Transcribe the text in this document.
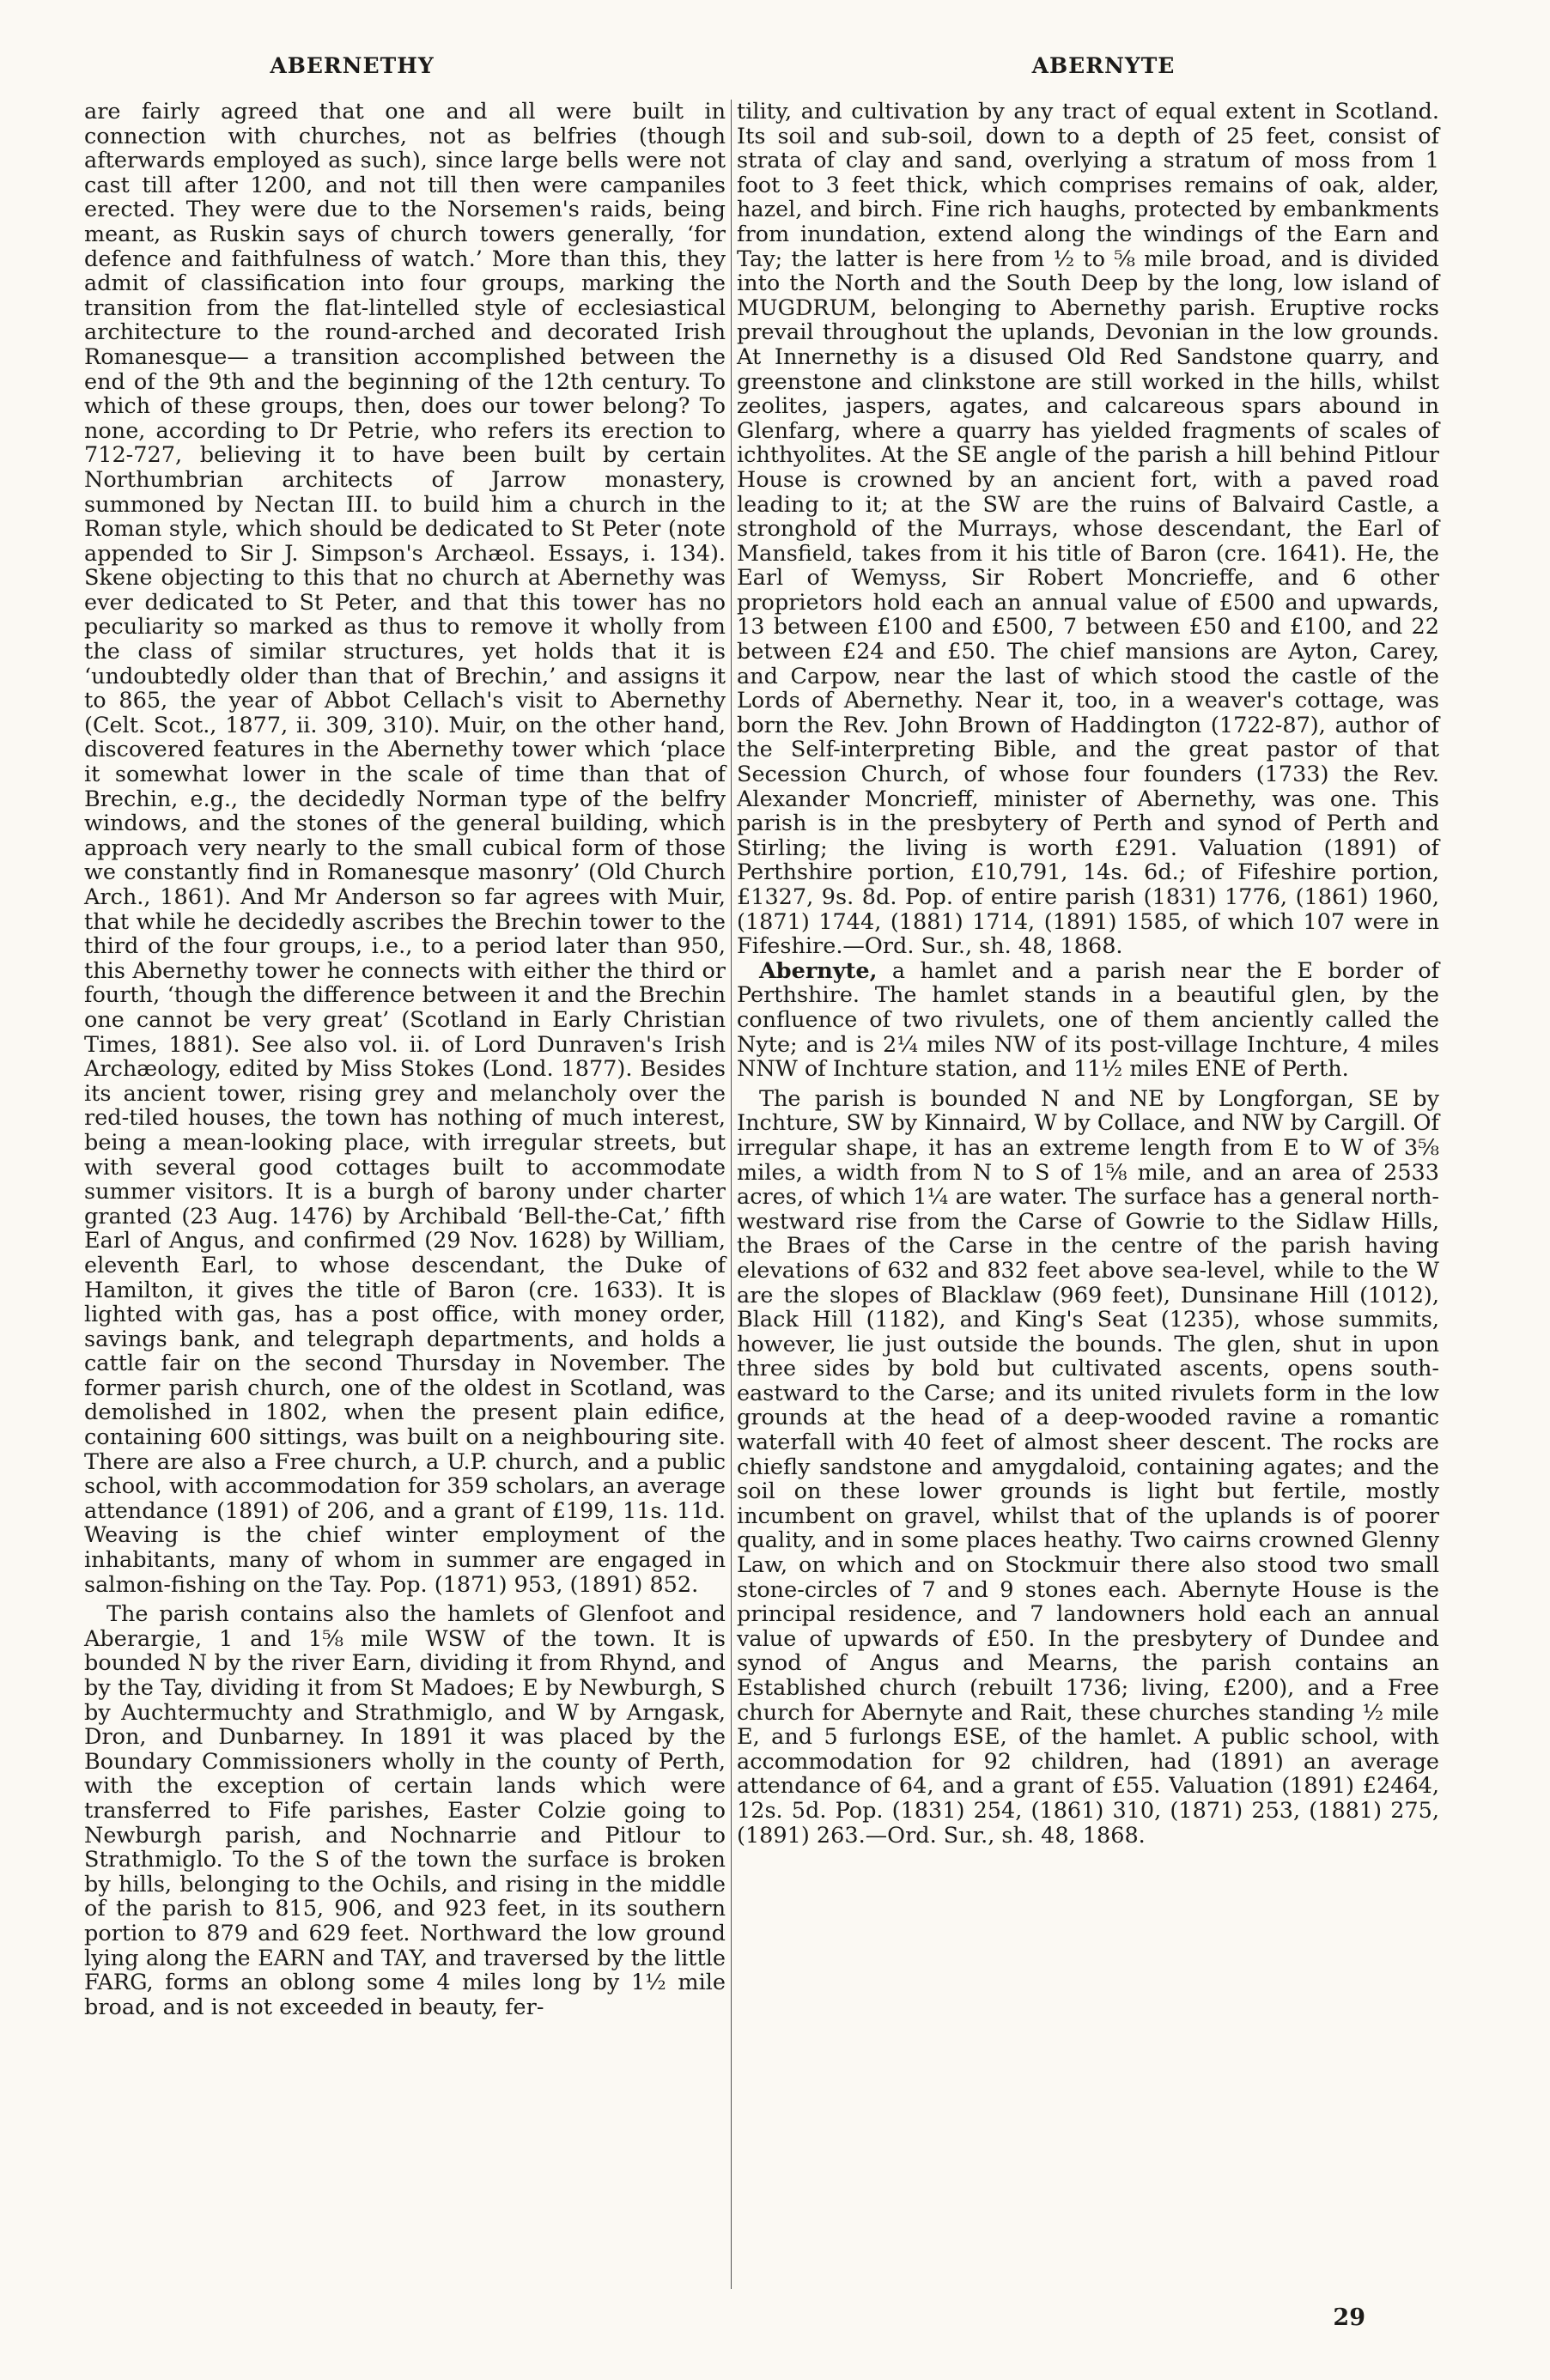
ABERNETHY	ABERNYTE

are fairly agreed that one and all were built in connection with churches, not as belfries (though afterwards employed as such), since large bells were not cast till after 1200, and not till then were campaniles erected. They were due to the Norsemen's raids, being meant, as Ruskin says of church towers generally, ‘for defence and faithfulness of watch.’ More than this, they admit of classification into four groups, marking the transition from the flat-lintelled style of ecclesiastical architecture to the round-arched and decorated Irish Romanesque— a transition accomplished between the end of the 9th and the beginning of the 12th century. To which of these groups, then, does our tower belong? To none, according to Dr Petrie, who refers its erection to 712-727, believing it to have been built by certain Northumbrian architects of Jarrow monastery, summoned by Nectan III. to build him a church in the Roman style, which should be dedicated to St Peter (note appended to Sir J. Simpson's Archæol. Essays, i. 134). Skene objecting to this that no church at Abernethy was ever dedicated to St Peter, and that this tower has no peculiarity so marked as thus to remove it wholly from the class of similar structures, yet holds that it is ‘undoubtedly older than that of Brechin,’ and assigns it to 865, the year of Abbot Cellach's visit to Abernethy (Celt. Scot., 1877, ii. 309, 310). Muir, on the other hand, discovered features in the Abernethy tower which ‘place it somewhat lower in the scale of time than that of Brechin, e.g., the decidedly Norman type of the belfry windows, and the stones of the general building, which approach very nearly to the small cubical form of those we constantly find in Romanesque masonry’ (Old Church Arch., 1861). And Mr Anderson so far agrees with Muir, that while he decidedly ascribes the Brechin tower to the third of the four groups, i.e., to a period later than 950, this Abernethy tower he connects with either the third or fourth, ‘though the difference between it and the Brechin one cannot be very great’ (Scotland in Early Christian Times, 1881). See also vol. ii. of Lord Dunraven's Irish Archæology, edited by Miss Stokes (Lond. 1877). Besides its ancient tower, rising grey and melancholy over the red-tiled houses, the town has nothing of much interest, being a mean-looking place, with irregular streets, but with several good cottages built to accommodate summer visitors. It is a burgh of barony under charter granted (23 Aug. 1476) by Archibald ‘Bell-the-Cat,’ fifth Earl of Angus, and confirmed (29 Nov. 1628) by William, eleventh Earl, to whose descendant, the Duke of Hamilton, it gives the title of Baron (cre. 1633). It is lighted with gas, has a post office, with money order, savings bank, and telegraph departments, and holds a cattle fair on the second Thursday in November. The former parish church, one of the oldest in Scotland, was demolished in 1802, when the present plain edifice, containing 600 sittings, was built on a neighbouring site. There are also a Free church, a U.P. church, and a public school, with accommodation for 359 scholars, an average attendance (1891) of 206, and a grant of £199, 11s. 11d. Weaving is the chief winter employment of the inhabitants, many of whom in summer are engaged in salmon-fishing on the Tay. Pop. (1871) 953, (1891) 852.

The parish contains also the hamlets of Glenfoot and Aberargie, 1 and 1⅝ mile WSW of the town. It is bounded N by the river Earn, dividing it from Rhynd, and by the Tay, dividing it from St Madoes; E by Newburgh, S by Auchtermuchty and Strathmiglo, and W by Arngask, Dron, and Dunbarney. In 1891 it was placed by the Boundary Commissioners wholly in the county of Perth, with the exception of certain lands which were transferred to Fife parishes, Easter Colzie going to Newburgh parish, and Nochnarrie and Pitlour to Strathmiglo. To the S of the town the surface is broken by hills, belonging to the Ochils, and rising in the middle of the parish to 815, 906, and 923 feet, in its southern portion to 879 and 629 feet. Northward the low ground lying along the EARN and TAY, and traversed by the little FARG, forms an oblong some 4 miles long by 1½ mile broad, and is not exceeded in beauty, fer-

tility, and cultivation by any tract of equal extent in Scotland. Its soil and sub-soil, down to a depth of 25 feet, consist of strata of clay and sand, overlying a stratum of moss from 1 foot to 3 feet thick, which comprises remains of oak, alder, hazel, and birch. Fine rich haughs, protected by embankments from inundation, extend along the windings of the Earn and Tay; the latter is here from ½ to ⅝ mile broad, and is divided into the North and the South Deep by the long, low island of MUGDRUM, belonging to Abernethy parish. Eruptive rocks prevail throughout the uplands, Devonian in the low grounds. At Innernethy is a disused Old Red Sandstone quarry, and greenstone and clinkstone are still worked in the hills, whilst zeolites, jaspers, agates, and calcareous spars abound in Glenfarg, where a quarry has yielded fragments of scales of ichthyolites. At the SE angle of the parish a hill behind Pitlour House is crowned by an ancient fort, with a paved road leading to it; at the SW are the ruins of Balvaird Castle, a stronghold of the Murrays, whose descendant, the Earl of Mansfield, takes from it his title of Baron (cre. 1641). He, the Earl of Wemyss, Sir Robert Moncrieffe, and 6 other proprietors hold each an annual value of £500 and upwards, 13 between £100 and £500, 7 between £50 and £100, and 22 between £24 and £50. The chief mansions are Ayton, Carey, and Carpow, near the last of which stood the castle of the Lords of Abernethy. Near it, too, in a weaver's cottage, was born the Rev. John Brown of Haddington (1722-87), author of the Self-interpreting Bible, and the great pastor of that Secession Church, of whose four founders (1733) the Rev. Alexander Moncrieff, minister of Abernethy, was one. This parish is in the presbytery of Perth and synod of Perth and Stirling; the living is worth £291. Valuation (1891) of Perthshire portion, £10,791, 14s. 6d.; of Fifeshire portion, £1327, 9s. 8d. Pop. of entire parish (1831) 1776, (1861) 1960, (1871) 1744, (1881) 1714, (1891) 1585, of which 107 were in Fifeshire.—Ord. Sur., sh. 48, 1868.

Abernyte, a hamlet and a parish near the E border of Perthshire. The hamlet stands in a beautiful glen, by the confluence of two rivulets, one of them anciently called the Nyte; and is 2¼ miles NW of its post-village Inchture, 4 miles NNW of Inchture station, and 11½ miles ENE of Perth.

The parish is bounded N and NE by Longforgan, SE by Inchture, SW by Kinnaird, W by Collace, and NW by Cargill. Of irregular shape, it has an extreme length from E to W of 3⅝ miles, a width from N to S of 1⅝ mile, and an area of 2533 acres, of which 1¼ are water. The surface has a general north-westward rise from the Carse of Gowrie to the Sidlaw Hills, the Braes of the Carse in the centre of the parish having elevations of 632 and 832 feet above sea-level, while to the W are the slopes of Blacklaw (969 feet), Dunsinane Hill (1012), Black Hill (1182), and King's Seat (1235), whose summits, however, lie just outside the bounds. The glen, shut in upon three sides by bold but cultivated ascents, opens south-eastward to the Carse; and its united rivulets form in the low grounds at the head of a deep-wooded ravine a romantic waterfall with 40 feet of almost sheer descent. The rocks are chiefly sandstone and amygdaloid, containing agates; and the soil on these lower grounds is light but fertile, mostly incumbent on gravel, whilst that of the uplands is of poorer quality, and in some places heathy. Two cairns crowned Glenny Law, on which and on Stockmuir there also stood two small stone-circles of 7 and 9 stones each. Abernyte House is the principal residence, and 7 landowners hold each an annual value of upwards of £50. In the presbytery of Dundee and synod of Angus and Mearns, the parish contains an Established church (rebuilt 1736; living, £200), and a Free church for Abernyte and Rait, these churches standing ½ mile E, and 5 furlongs ESE, of the hamlet. A public school, with accommodation for 92 children, had (1891) an average attendance of 64, and a grant of £55. Valuation (1891) £2464, 12s. 5d. Pop. (1831) 254, (1861) 310, (1871) 253, (1881) 275, (1891) 263.—Ord. Sur., sh. 48, 1868.

29
